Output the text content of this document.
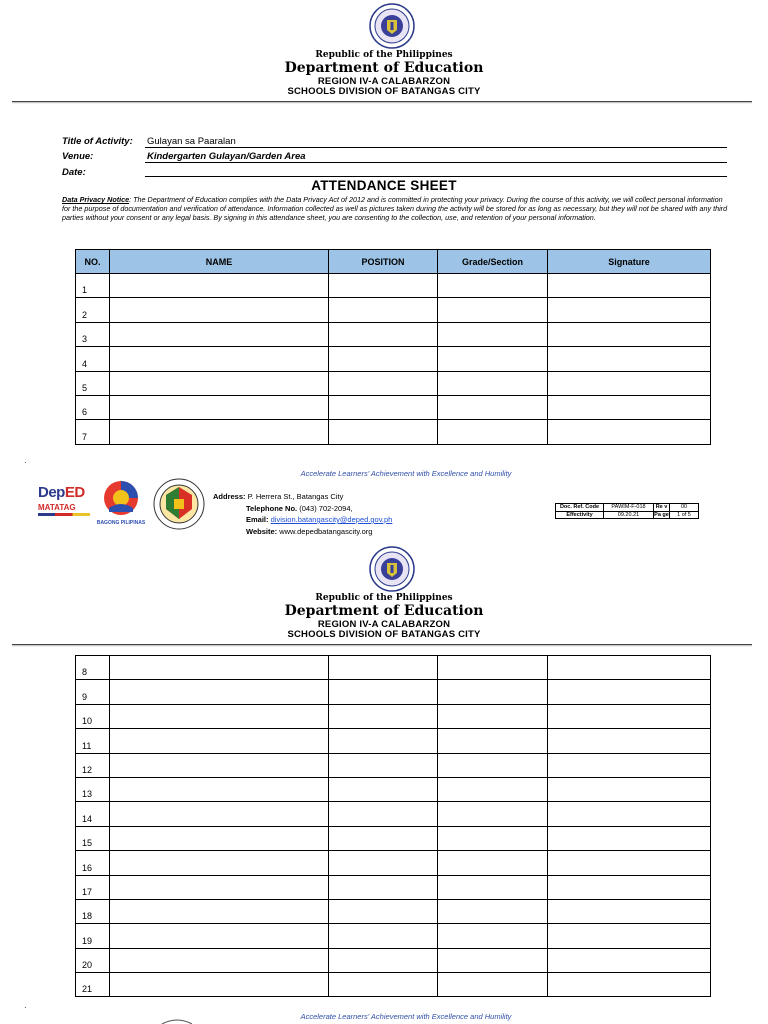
Republic of the Philippines
Department of Education
REGION IV-A CALABARZON
SCHOOLS DIVISION OF BATANGAS CITY
Title of Activity: Gulayan sa Paaralan
Venue:	Kindergarten Gulayan/Garden Area
Date:
ATTENDANCE SHEET
Data Privacy Notice: The Department of Education complies with the Data Privacy Act of 2012 and is committed in protecting your privacy. During the course of this activity, we will collect personal information for the purpose of documentation and verification of attendance. Information collected as well as pictures taken during the activity will be stored for as long as necessary, but they will not be shared with any third parties without your consent or any legal basis. By signing in this attendance sheet, you are consenting to the collection, use, and retention of your personal information.
NO.	NAME	POSITION	Grade/Section	Signature
1				
2				
3				
4				
5				
6				
7				
·
Accelerate Learners' Achievement with Excellence and Humility
DepED
MATATAG
BAGONG PILIPINAS
Address: P. Herrera St., Batangas City
Telephone No. (043) 702-2094,
Email: division.batangascity@deped.gov.ph
Website: www.depedbatangascity.org
Doc. Ref. Code	PAWIM-F-018	Re v	00
Effectivity	09.20.21	Pa ge	1 of 5
Republic of the Philippines
Department of Education
REGION IV-A CALABARZON
SCHOOLS DIVISION OF BATANGAS CITY
8				
9				
10				
11				
12				
13				
14				
15				
16				
17				
18				
19				
20				
21				
·
Accelerate Learners' Achievement with Excellence and Humility
